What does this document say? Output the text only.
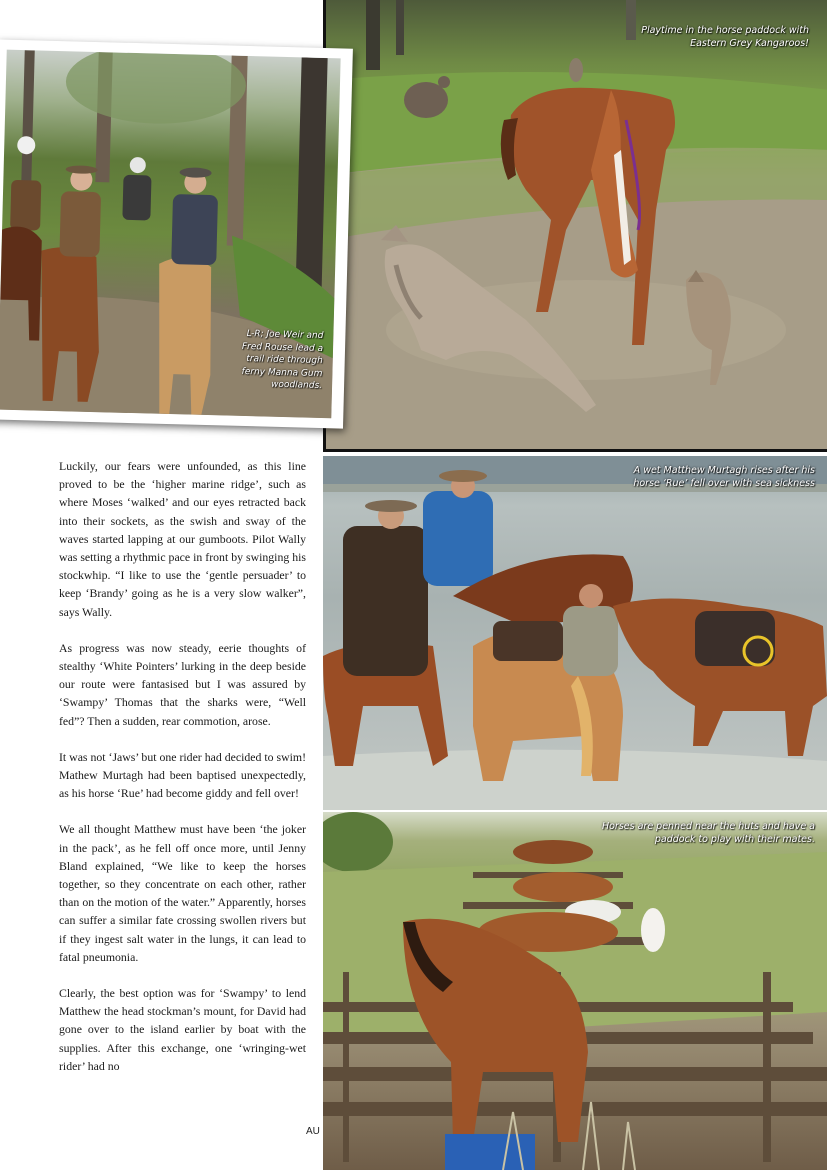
Playtime in the horse paddock with
Eastern Grey Kangaroos!
L-R; Joe Weir and
Fred Rouse lead a
trail ride through
ferny Manna Gum
woodlands.
A wet Matthew Murtagh rises after his
horse ‘Rue’ fell over with sea sickness
Horses are penned near the huts and have a
paddock to play with their mates.

Luckily, our fears were unfounded, as this line proved to be the ‘higher marine ridge’, such as where Moses ‘walked’ and our eyes retracted back into their sockets, as the swish and sway of the waves started lapping at our gumboots. Pilot Wally was setting a rhythmic pace in front by swinging his stockwhip. “I like to use the ‘gentle persuader’ to keep ‘Brandy’ going as he is a very slow walker”, says Wally.

As progress was now steady, eerie thoughts of stealthy ‘White Pointers’ lurking in the deep beside our route were fantasised but I was assured by ‘Swampy’ Thomas that the sharks were, “Well fed”? Then a sudden, rear commotion, arose.

It was not ‘Jaws’ but one rider had decided to swim! Mathew Murtagh had been baptised unexpectedly, as his horse ‘Rue’ had become giddy and fell over!

We all thought Matthew must have been ‘the joker in the pack’, as he fell off once more, until Jenny Bland explained, “We like to keep the horses together, so they concentrate on each other, rather than on the motion of the water.” Apparently, horses can suffer a similar fate crossing swollen rivers but if they ingest salt water in the lungs, it can lead to fatal pneumonia.

Clearly, the best option was for ‘Swampy’ to lend Matthew the head stockman’s mount, for David had gone over to the island earlier by boat with the supplies. After this exchange, one ‘wringing-wet rider’ had no

AU
